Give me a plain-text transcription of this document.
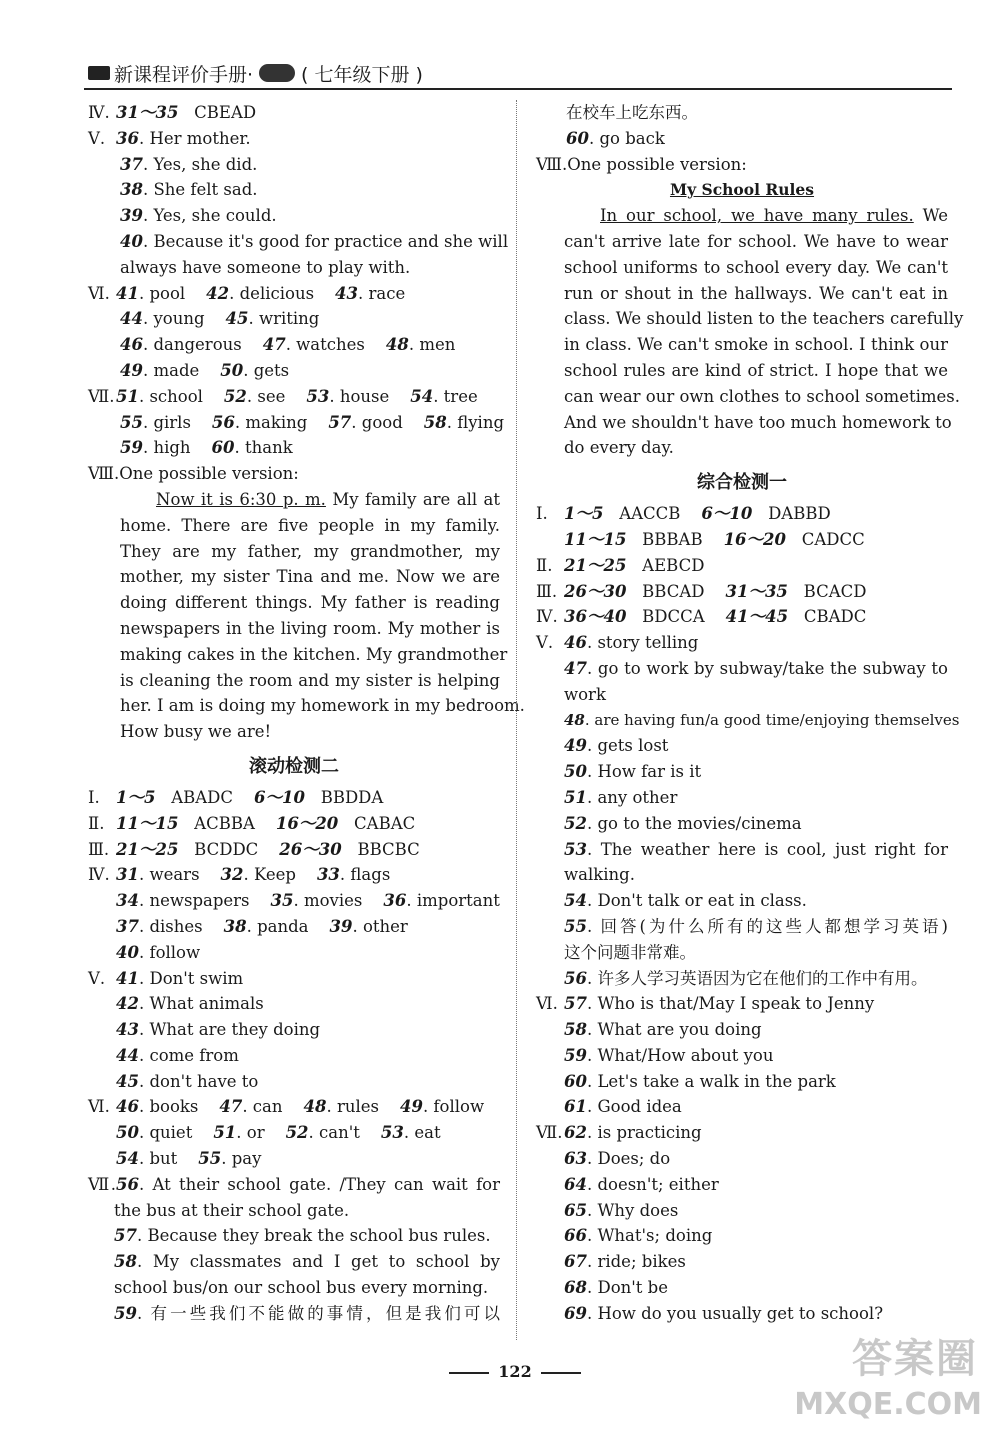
新课程评价手册·	( 七年级下册 )
Ⅳ. 31～35   CBEAD
Ⅴ. 36. Her mother.
37. Yes, she did.
38. She felt sad.
39. Yes, she could.
40. Because it's good for practice and she will
always have someone to play with.
Ⅵ. 41. pool    42. delicious    43. race
44. young    45. writing
46. dangerous    47. watches    48. men
49. made    50. gets
Ⅶ.51. school    52. see    53. house    54. tree
55. girls    56. making    57. good    58. flying
59. high    60. thank
Ⅷ.One possible version:
Now it is 6:30 p. m. My family are all at
home. There are five people in my family.
They are my father, my grandmother, my
mother, my sister Tina and me. Now we are
doing different things. My father is reading
newspapers in the living room. My mother is
making cakes in the kitchen. My grandmother
is cleaning the room and my sister is helping
her. I am is doing my homework in my bedroom.
How busy we are!
滚动检测二
Ⅰ. 1～5   ABADC    6～10   BBDDA
Ⅱ. 11～15   ACBBA    16～20   CABAC
Ⅲ. 21～25   BCDDC    26～30   BBCBC
Ⅳ. 31. wears    32. Keep    33. flags
34. newspapers    35. movies    36. important
37. dishes    38. panda    39. other
40. follow
Ⅴ. 41. Don't swim
42. What animals
43. What are they doing
44. come from
45. don't have to
Ⅵ. 46. books    47. can    48. rules    49. follow
50. quiet    51. or    52. can't    53. eat
54. but    55. pay
Ⅶ.56. At their school gate. /They can wait for
the bus at their school gate.
57. Because they break the school bus rules.
58. My classmates and I get to school by
school bus/on our school bus every morning.
59. 有一些我们不能做的事情，但是我们可以
在校车上吃东西。
60. go back
Ⅷ.One possible version:
My School Rules
In our school, we have many rules. We
can't arrive late for school. We have to wear
school uniforms to school every day. We can't
run or shout in the hallways. We can't eat in
class. We should listen to the teachers carefully
in class. We can't smoke in school. I think our
school rules are kind of strict. I hope that we
can wear our own clothes to school sometimes.
And we shouldn't have too much homework to
do every day.
综合检测一
Ⅰ. 1～5   AACCB    6～10   DABBD
11～15   BBBAB    16～20   CADCC
Ⅱ. 21～25   AEBCD
Ⅲ. 26～30   BBCAD    31～35   BCACD
Ⅳ. 36～40   BDCCA    41～45   CBADC
Ⅴ. 46. story telling
47. go to work by subway/take the subway to
work
48. are having fun/a good time/enjoying themselves
49. gets lost
50. How far is it
51. any other
52. go to the movies/cinema
53. The weather here is cool, just right for
walking.
54. Don't talk or eat in class.
55. 回答(为什么所有的这些人都想学习英语)
这个问题非常难。
56. 许多人学习英语因为它在他们的工作中有用。
Ⅵ. 57. Who is that/May I speak to Jenny
58. What are you doing
59. What/How about you
60. Let's take a walk in the park
61. Good idea
Ⅶ.62. is practicing
63. Does; do
64. doesn't; either
65. Why does
66. What's; doing
67. ride; bikes
68. Don't be
69. How do you usually get to school?
122	答案圈
MXQE.COM
